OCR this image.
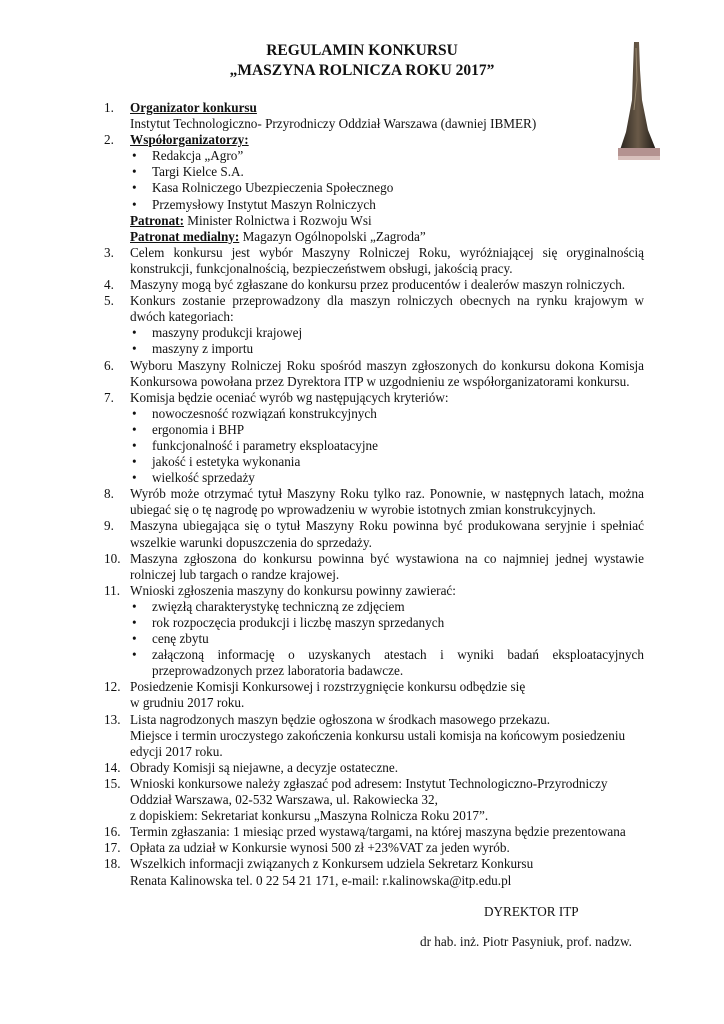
REGULAMIN KONKURSU
„MASZYNA ROLNICZA ROKU 2017”
1.	Organizator konkursu
Instytut Technologiczno- Przyrodniczy Oddział Warszawa (dawniej IBMER)
2.	Współorganizatorzy:
• Redakcja „Agro”
• Targi Kielce S.A.
• Kasa Rolniczego Ubezpieczenia Społecznego
• Przemysłowy Instytut Maszyn Rolniczych
Patronat: Minister Rolnictwa i Rozwoju Wsi
Patronat medialny: Magazyn Ogólnopolski „Zagroda”
3.	Celem konkursu jest wybór Maszyny Rolniczej Roku, wyróżniającej się oryginalnością konstrukcji, funkcjonalnością, bezpieczeństwem obsługi, jakością pracy.
4.	Maszyny mogą być zgłaszane do konkursu przez producentów i dealerów maszyn rolniczych.
5.	Konkurs zostanie przeprowadzony dla maszyn rolniczych obecnych na rynku krajowym w dwóch kategoriach:
• maszyny produkcji krajowej
• maszyny z importu
6.	Wyboru Maszyny Rolniczej Roku spośród maszyn zgłoszonych do konkursu dokona Komisja Konkursowa powołana przez Dyrektora ITP w uzgodnieniu ze współorganizatorami konkursu.
7.	Komisja będzie oceniać wyrób wg następujących kryteriów:
• nowoczesność rozwiązań konstrukcyjnych
• ergonomia i BHP
• funkcjonalność i parametry eksploatacyjne
• jakość i estetyka wykonania
• wielkość sprzedaży
8.	Wyrób może otrzymać tytuł Maszyny Roku tylko raz. Ponownie, w następnych latach, można ubiegać się o tę nagrodę po wprowadzeniu w wyrobie istotnych zmian konstrukcyjnych.
9.	Maszyna ubiegająca się o tytuł Maszyny Roku powinna być produkowana seryjnie i spełniać wszelkie warunki dopuszczenia do sprzedaży.
10. Maszyna zgłoszona do konkursu powinna być wystawiona na co najmniej jednej wystawie rolniczej lub targach o randze krajowej.
11. Wnioski zgłoszenia maszyny do konkursu powinny zawierać:
• zwięzłą charakterystykę techniczną ze zdjęciem
• rok rozpoczęcia produkcji i liczbę maszyn sprzedanych
• cenę zbytu
• załączoną informację o uzyskanych atestach i wyniki badań eksploatacyjnych przeprowadzonych przez laboratoria badawcze.
12. Posiedzenie Komisji Konkursowej i rozstrzygnięcie konkursu odbędzie się
w grudniu 2017 roku.
13. Lista nagrodzonych maszyn będzie ogłoszona w środkach masowego przekazu.
Miejsce i termin uroczystego zakończenia konkursu ustali komisja na końcowym posiedzeniu
edycji 2017 roku.
14. Obrady Komisji są niejawne, a decyzje ostateczne.
15. Wnioski konkursowe należy zgłaszać pod adresem: Instytut Technologiczno-Przyrodniczy
Oddział Warszawa, 02-532 Warszawa, ul. Rakowiecka 32,
z dopiskiem: Sekretariat konkursu „Maszyna Rolnicza Roku 2017”.
16. Termin zgłaszania: 1 miesiąc przed wystawą/targami, na której maszyna będzie prezentowana
17. Opłata za udział w Konkursie wynosi 500 zł +23%VAT za jeden wyrób.
18. Wszelkich informacji związanych z Konkursem udziela Sekretarz Konkursu
Renata Kalinowska tel. 0 22 54 21 171, e-mail: r.kalinowska@itp.edu.pl
DYREKTOR ITP
dr hab. inż. Piotr Pasyniuk, prof. nadzw.
